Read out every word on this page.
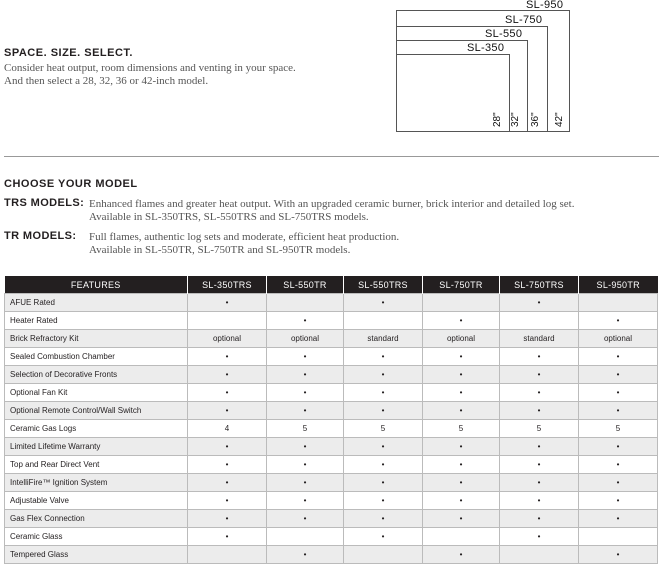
SL-950
SL-750
SL-550
SL-350
28" 32" 36" 42"
SPACE. SIZE. SELECT.
Consider heat output, room dimensions and venting in your space.
And then select a 28, 32, 36 or 42-inch model.
CHOOSE YOUR MODEL
TRS MODELS: Enhanced flames and greater heat output. With an upgraded ceramic burner, brick interior and detailed log set.
Available in SL-350TRS, SL-550TRS and SL-750TRS models.
TR MODELS: Full flames, authentic log sets and moderate, efficient heat production.
Available in SL-550TR, SL-750TR and SL-950TR models.
FEATURES	SL-350TRS	SL-550TR	SL-550TRS	SL-750TR	SL-750TRS	SL-950TR
AFUE Rated	•		•		•	
Heater Rated		•		•		•
Brick Refractory Kit	optional	optional	standard	optional	standard	optional
Sealed Combustion Chamber	•	•	•	•	•	•
Selection of Decorative Fronts	•	•	•	•	•	•
Optional Fan Kit	•	•	•	•	•	•
Optional Remote Control/Wall Switch	•	•	•	•	•	•
Ceramic Gas Logs	4	5	5	5	5	5
Limited Lifetime Warranty	•	•	•	•	•	•
Top and Rear Direct Vent	•	•	•	•	•	•
IntelliFire™ Ignition System	•	•	•	•	•	•
Adjustable Valve	•	•	•	•	•	•
Gas Flex Connection	•	•	•	•	•	•
Ceramic Glass	•		•		•	
Tempered Glass		•		•		•
